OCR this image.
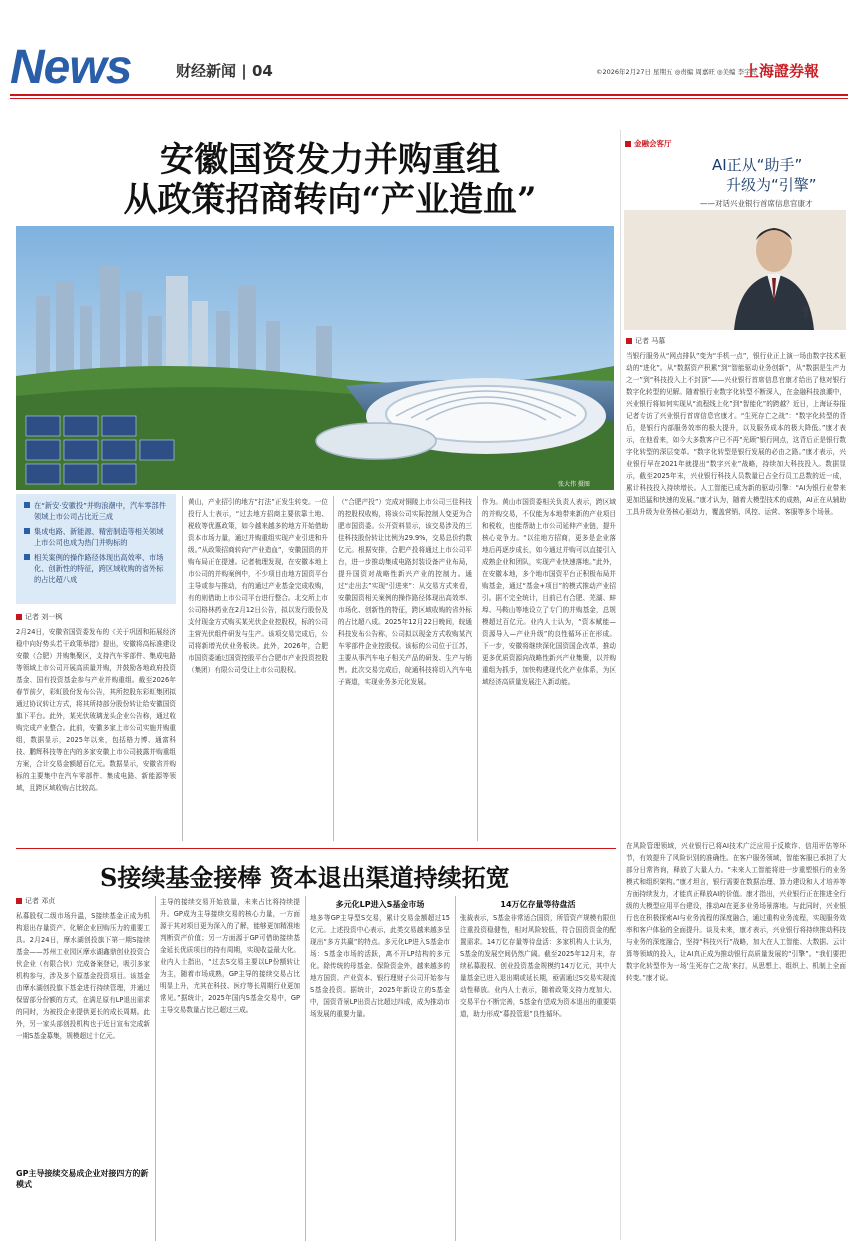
News	财经新闻 | 04	©2026年2月27日 星期五 ◎责编 周嘉旺 ◎美编 李宇亮
上海證券報
安徽国资发力并购重组
从政策招商转向“产业造血”
张大伟 摄图
在“新安·安徽投”并购浪潮中，汽车零部件领域上市公司占比近三成
集成电路、新能源、精密制造等相关领域上市公司也成为热门并购标的
相关案例的操作路径体现出高效率、市场化、创新性的特征，跨区域收购的省外标的占比超八成
记者 刘一枫
2月24日，安徽省国资委发布的《关于巩固和拓展经济稳中向好势头若干政策举措》提出，安徽将高标准建设安徽（合肥）并购集聚区，支持汽车零部件、集成电路等领域上市公司开展高质量并购，并鼓励各地政府投资基金、国有投资基金参与产业并购重组。截至2026年春节前夕，彩虹股份发布公告，其所控股东彩虹集团拟通过协议转让方式，将其所持部分股份转让给安徽国资旗下平台。此外，某光伏玻璃龙头企业公告称，通过收购完成产业整合。此前，安徽多家上市公司实施并购重组，数据显示，2025年以来，包括格力博、通富科技、鹏辉科技等在内的多家安徽上市公司披露并购重组方案，合计交易金额超百亿元。数据显示，安徽省并购标的主要集中在汽车零部件、集成电路、新能源等领域，且跨区域收购占比较高。
黄山，产业招引的地方“打法”正发生转变。一位投行人士表示，“过去地方招商主要依靠土地、税收等优惠政策，如今越来越多的地方开始借助资本市场力量，通过并购重组实现产业引进和升级。”从政策招商转向“产业造血”，安徽国资的并购布局正在提速。记者梳理发现，在安徽本地上市公司的并购案例中，不少项目由地方国资平台主导或参与推动，有的通过产业基金完成收购，有的则借助上市公司平台进行整合。北交所上市公司格林药业在2月12日公告，拟以发行股份及支付现金方式购买某光伏企业控股权，标的公司主营光伏组件研发与生产。该项交易完成后，公司将新增光伏业务板块。此外，2026年，合肥市国资委通过国资控股平台合肥市产业投资控股（集团）有限公司受让上市公司股权。
（“合肥产投”）完成对铜陵上市公司三佳科技的控股权收购，将该公司实际控制人变更为合肥市国资委。公开资料显示，该交易涉及的三佳科技股份转让比例为29.9%，交易总价约数亿元。根据安排，合肥产投将通过上市公司平台，进一步推动集成电路封装设备产业布局，提升国资对战略性新兴产业的控制力。通过“走出去”实现“引进来”：从交易方式来看，安徽国资相关案例的操作路径体现出高效率、市场化、创新性的特征，跨区域收购的省外标的占比超八成。2025年12月22日晚间，皖通科技发布公告称，公司拟以现金方式收购某汽车零部件企业控股权。该标的公司位于江苏，主要从事汽车电子相关产品的研发、生产与销售。此次交易完成后，皖通科技将切入汽车电子赛道，实现业务多元化发展。
作为。黄山市国资委相关负责人表示，跨区域的并购交易，不仅能为本地带来新的产业项目和税收，也能帮助上市公司延伸产业链，提升核心竞争力。“以往地方招商，更多是企业落地后再逐步成长，如今通过并购可以直接引入成熟企业和团队，实现产业快速落地。”此外，在安徽本地，多个地市国资平台正积极布局并购基金，通过“基金+项目”的模式推动产业招引。据不完全统计，目前已有合肥、芜湖、蚌埠、马鞍山等地设立了专门的并购基金，总规模超过百亿元。业内人士认为，“资本赋能—资源导入—产业升级”的良性循环正在形成。下一步，安徽将继续深化国资国企改革，推动更多优质资源向战略性新兴产业集聚，以并购重组为抓手，加快构建现代化产业体系，为区域经济高质量发展注入新动能。
金融会客厅
AI正从“助手”
升级为“引擎”
——对话兴业银行首席信息官康才
康才
记者 马慕
当银行服务从“网点排队”变为“手机一点”，银行业正上演一场由数字技术驱动的“进化”。从“数据资产积累”到“智能驱动业务创新”，从“数据是生产力之一”到“科技投入上不封顶”——兴业银行首席信息官康才给出了他对银行数字化转型的见解。随着银行业数字化转型不断深入，在金融科技浪潮中，兴业银行将如何实现从“流程线上化”到“智能化”的跨越？近日，上海证券报记者专访了兴业银行首席信息官康才。“生死存亡之战”：“数字化转型的背后，是银行内部服务效率的极大提升，以及服务成本的极大降低。”康才表示，在他看来，如今大多数客户已不再“光顾”银行网点，这背后正是银行数字化转型的深层变革。“数字化转型是银行发展的必由之路。”康才表示，兴业银行早在2021年就提出“数字兴业”战略，持续加大科技投入。数据显示，截至2025年末，兴业银行科技人员数量已占全行员工总数的近一成，累计科技投入持续增长。人工智能已成为新的驱动引擎：“AI为银行业带来更加迅猛和快速的发展。”康才认为，随着大模型技术的成熟，AI正在从辅助工具升级为业务核心驱动力，覆盖营销、风控、运营、客服等多个场景。
在风险管理领域，兴业银行已将AI技术广泛应用于反欺诈、信用评估等环节，有效提升了风险识别的准确性。在客户服务领域，智能客服已承担了大部分日常咨询，释放了大量人力。“未来人工智能将进一步重塑银行的业务模式和组织架构。”康才坦言，银行需要在数据治理、算力建设和人才培养等方面持续发力，才能真正释放AI的价值。康才指出，兴业银行正在推进全行级的大模型应用平台建设，推动AI在更多业务场景落地。与此同时，兴业银行也在积极探索AI与业务流程的深度融合，通过重构业务流程，实现服务效率和客户体验的全面提升。谈及未来，康才表示，兴业银行将持续推动科技与业务的深度融合，坚持“科技兴行”战略，加大在人工智能、大数据、云计算等领域的投入，让AI真正成为推动银行高质量发展的“引擎”。“我们要把数字化转型作为一场‘生死存亡之战’来打，从思想上、组织上、机制上全面转变。”康才说。
S接续基金接棒 资本退出渠道持续拓宽
记者 邓贞
私募股权二级市场升温，S接续基金正成为机构退出存量资产、化解企业回购压力的重要工具。2月24日，摩水湖创投旗下第一期S接续基金——苏州工业园区摩水湖鑫鼎创业投资合伙企业（有限合伙）完成备案登记，吸引多家机构参与，涉及多个原基金投资项目。该基金由摩水湖创投旗下基金进行持续管理，并通过保留部分份额的方式，在满足原有LP退出需求的同时，为被投企业提供更长的成长周期。此外，另一家头部创投机构也于近日宣布完成新一期S基金募集，规模超过十亿元。
GP主导接续交易成企业对接四方的新模式
主导的接续交易开始放量，未来占比将持续提升。GP成为主导接续交易的核心力量，一方面源于其对项目更为深入的了解，能够更加精准地判断资产价值；另一方面源于GP可借助接续基金延长优质项目的持有周期，实现收益最大化。业内人士指出，“过去S交易主要以LP份额转让为主，随着市场成熟，GP主导的接续交易占比明显上升，尤其在科技、医疗等长周期行业更加常见。”据统计，2025年国内S基金交易中，GP主导交易数量占比已超过三成。
多元化LP进入S基金市场
地多等GP主导型S交易，累计交易金额超过15亿元。上述投资中心表示，此类交易越来越多呈现出“多方共赢”的特点。多元化LP进入S基金市场：S基金市场的活跃，离不开LP结构的多元化。除传统的母基金、保险资金外，越来越多的地方国资、产业资本、银行理财子公司开始参与S基金投资。据统计，2025年新设立的S基金中，国资背景LP出资占比超过四成，成为推动市场发展的重要力量。
14万亿存量等待盘活
张裁表示，S基金非常适合国资，所管资产规模有限但注重投资稳健性，相对风险较低，符合国资资金的配置需求。14万亿存量等待盘活：多家机构人士认为，S基金的发展空间仍然广阔。截至2025年12月末，存续私募股权、创业投资基金规模约14万亿元，其中大量基金已进入退出期或延长期，亟需通过S交易实现流动性释放。业内人士表示，随着政策支持力度加大、交易平台不断完善，S基金有望成为资本退出的重要渠道，助力形成“募投管退”良性循环。
